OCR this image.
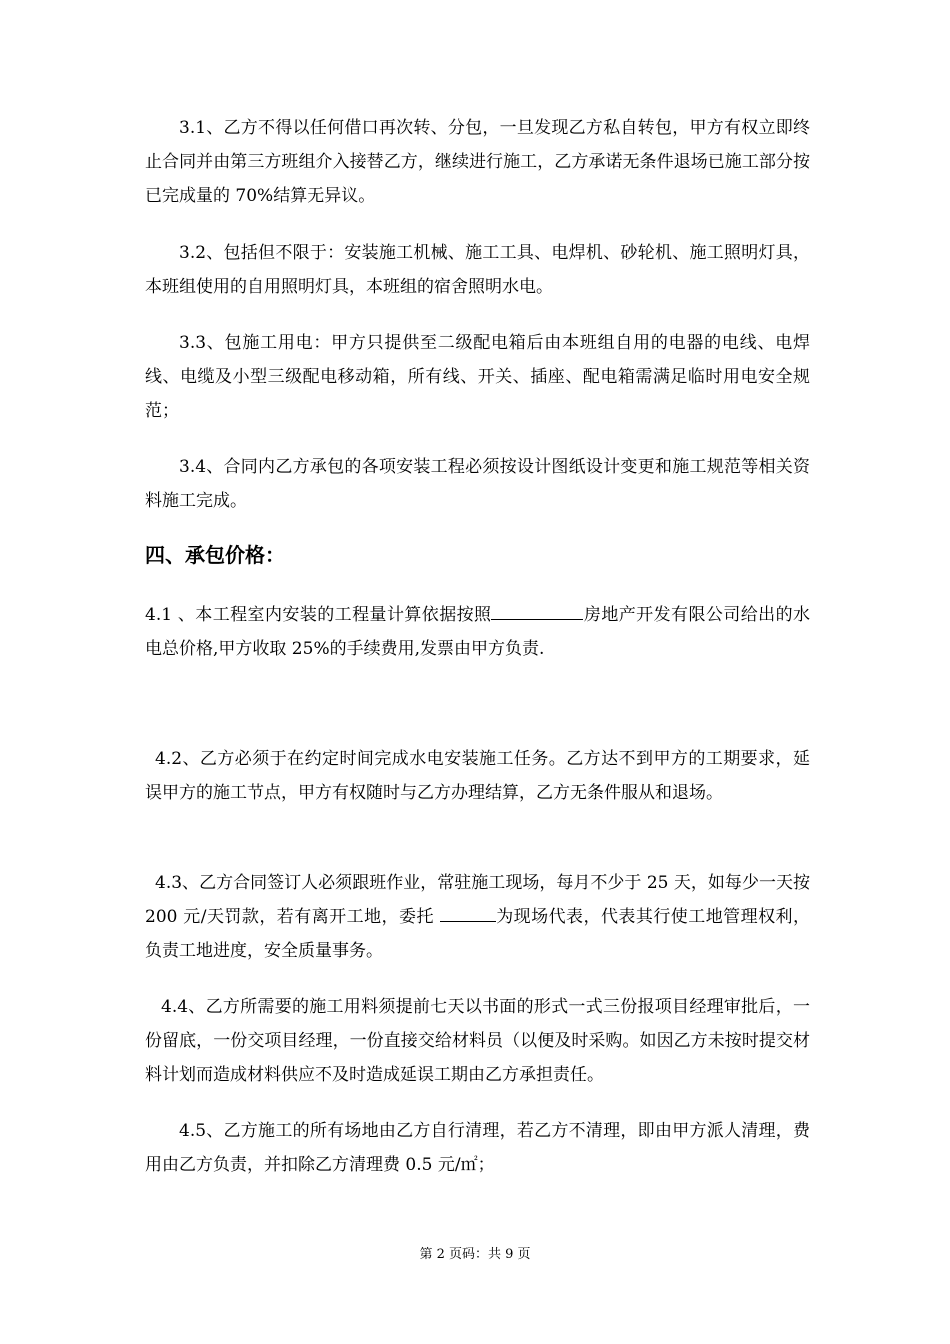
3.1、乙方不得以任何借口再次转、分包，一旦发现乙方私自转包，甲方有权立即终止合同并由第三方班组介入接替乙方，继续进行施工，乙方承诺无条件退场已施工部分按已完成量的 70%结算无异议。

3.2、包括但不限于：安装施工机械、施工工具、电焊机、砂轮机、施工照明灯具，本班组使用的自用照明灯具，本班组的宿舍照明水电。

3.3、包施工用电：甲方只提供至二级配电箱后由本班组自用的电器的电线、电焊线、电缆及小型三级配电移动箱，所有线、开关、插座、配电箱需满足临时用电安全规范；

3.4、合同内乙方承包的各项安装工程必须按设计图纸设计变更和施工规范等相关资料施工完成。

四、承包价格：

4.1 、本工程室内安装的工程量计算依据按照	房地产开发有限公司给出的水电总价格,甲方收取 25%的手续费用,发票由甲方负责.

4.2、乙方必须于在约定时间完成水电安装施工任务。乙方达不到甲方的工期要求，延误甲方的施工节点，甲方有权随时与乙方办理结算，乙方无条件服从和退场。

4.3、乙方合同签订人必须跟班作业，常驻施工现场，每月不少于 25 天，如每少一天按 200 元/天罚款，若有离开工地，委托	为现场代表，代表其行使工地管理权利，负责工地进度，安全质量事务。

4.4、乙方所需要的施工用料须提前七天以书面的形式一式三份报项目经理审批后，一份留底，一份交项目经理，一份直接交给材料员（以便及时采购。如因乙方未按时提交材料计划而造成材料供应不及时造成延误工期由乙方承担责任。

4.5、乙方施工的所有场地由乙方自行清理，若乙方不清理，即由甲方派人清理，费用由乙方负责，并扣除乙方清理费 0.5 元/㎡；

第 2 页码：共 9 页
